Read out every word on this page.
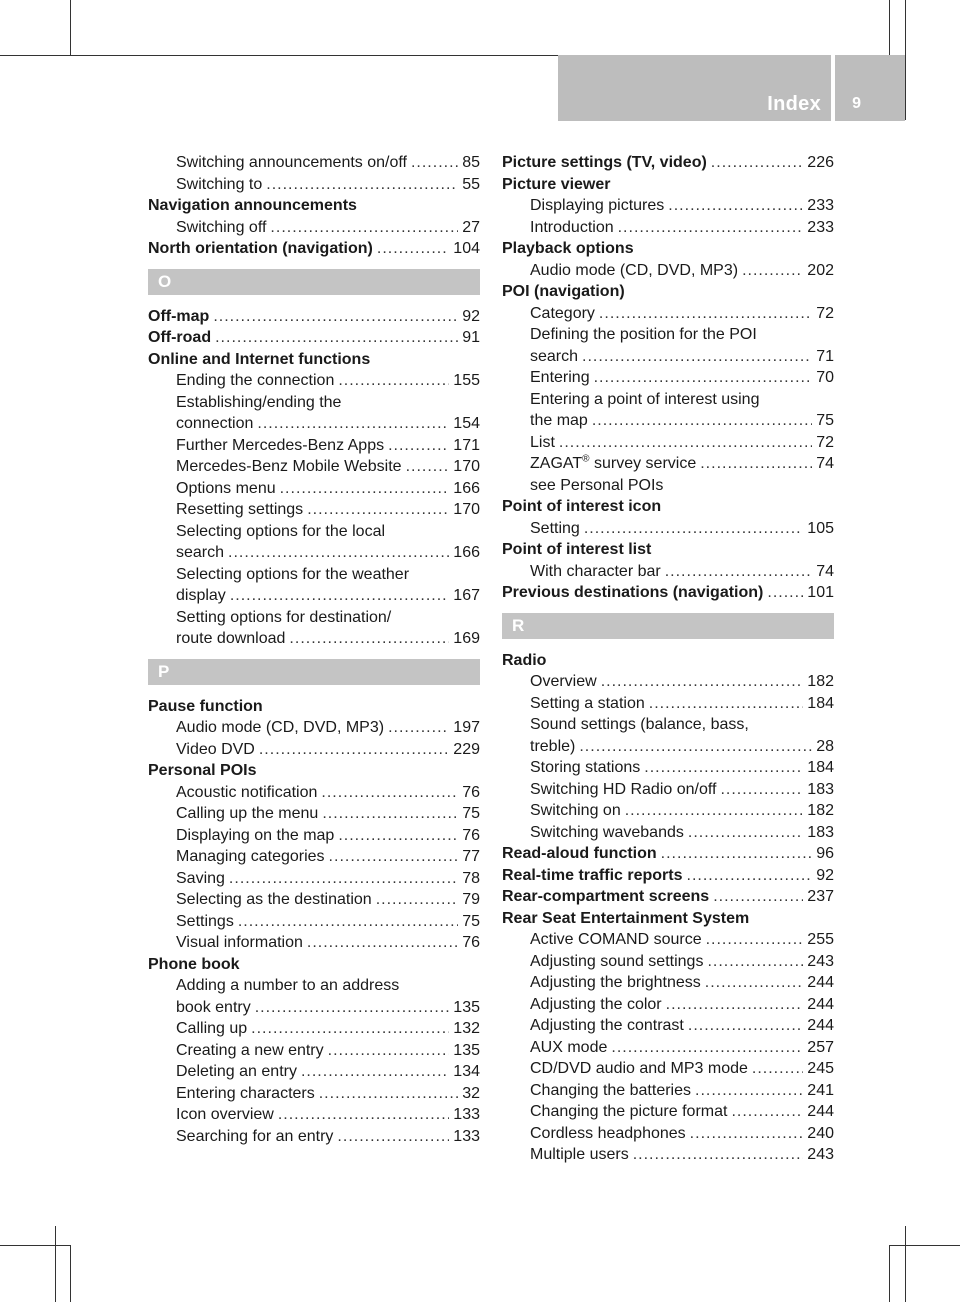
Index 9
Switching announcements on/off .....	85
Switching to .....	55
Navigation announcements
Switching off .....	27
North orientation (navigation) .....	104
O
Off-map .....	92
Off-road .....	91
Online and Internet functions
Ending the connection .....	155
Establishing/ending the
connection .....	154
Further Mercedes-Benz Apps .....	171
Mercedes-Benz Mobile Website .....	170
Options menu .....	166
Resetting settings .....	170
Selecting options for the local
search .....	166
Selecting options for the weather
display .....	167
Setting options for destination/
route download .....	169
P
Pause function
Audio mode (CD, DVD, MP3) .....	197
Video DVD .....	229
Personal POIs
Acoustic notification .....	76
Calling up the menu .....	75
Displaying on the map .....	76
Managing categories .....	77
Saving .....	78
Selecting as the destination .....	79
Settings .....	75
Visual information .....	76
Phone book
Adding a number to an address
book entry .....	135
Calling up .....	132
Creating a new entry .....	135
Deleting an entry .....	134
Entering characters .....	32
Icon overview .....	133
Searching for an entry .....	133
Picture settings (TV, video) .....	226
Picture viewer
Displaying pictures .....	233
Introduction .....	233
Playback options
Audio mode (CD, DVD, MP3) .....	202
POI (navigation)
Category .....	72
Defining the position for the POI
search .....	71
Entering .....	70
Entering a point of interest using
the map .....	75
List .....	72
ZAGAT® survey service .....	74
see Personal POIs
Point of interest icon
Setting .....	105
Point of interest list
With character bar .....	74
Previous destinations (navigation) .....	101
R
Radio
Overview .....	182
Setting a station .....	184
Sound settings (balance, bass,
treble) .....	28
Storing stations .....	184
Switching HD Radio on/off .....	183
Switching on .....	182
Switching wavebands .....	183
Read-aloud function .....	96
Real-time traffic reports .....	92
Rear-compartment screens .....	237
Rear Seat Entertainment System
Active COMAND source .....	255
Adjusting sound settings .....	243
Adjusting the brightness .....	244
Adjusting the color .....	244
Adjusting the contrast .....	244
AUX mode .....	257
CD/DVD audio and MP3 mode .....	245
Changing the batteries .....	241
Changing the picture format .....	244
Cordless headphones .....	240
Multiple users .....	243
